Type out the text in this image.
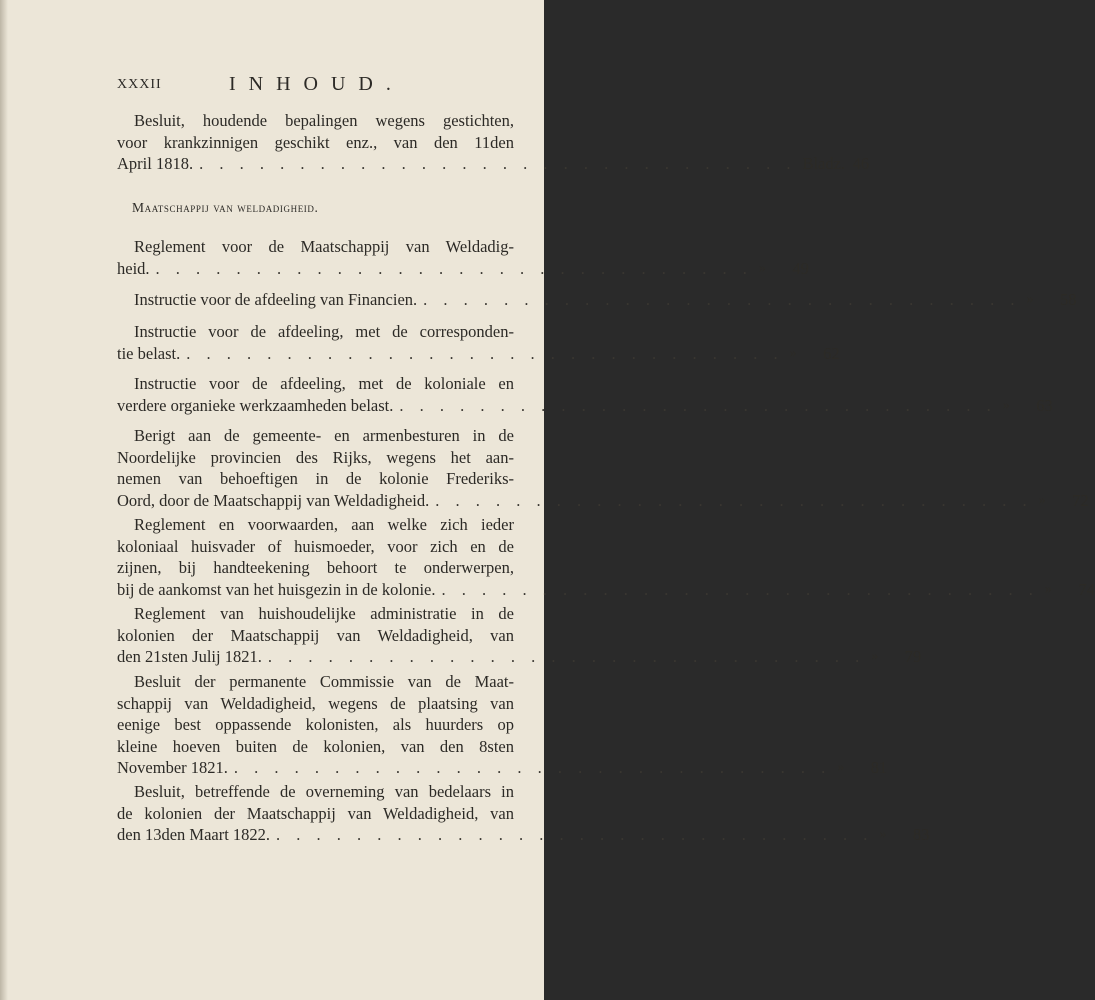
XXXII	INHOUD.
Besluit, houdende bepalingen wegens gestichten,
voor krankzinnigen geschikt enz., van den 11den
April 1818. . . . . . . . . . . . . . . . . . . . . . . . . . . . . . . Bladz. 46
Maatschappij van weldadigheid.
Reglement voor de Maatschappij van Weldadig-
heid. . . . . . . . . . . . . . . . . . . . . . . . . . . . . . . »	49
Instructie voor de afdeeling van Financien. . . . . . . . . . . . . . . . . . . . . . . . . . . . . . . »	58
Instructie voor de afdeeling, met de corresponden-
tie belast. . . . . . . . . . . . . . . . . . . . . . . . . . . . . . . »	62
Instructie voor de afdeeling, met de koloniale en
verdere organieke werkzaamheden belast. . . . . . . . . . . . . . . . . . . . . . . . . . . . . . . »	63
Berigt aan de gemeente- en armenbesturen in de
Noordelijke provincien des Rijks, wegens het aan-
nemen van behoeftigen in de kolonie Frederiks-
Oord, door de Maatschappij van Weldadigheid. . . . . . . . . . . . . . . . . . . . . . . . . . . . . . . »	72
Reglement en voorwaarden, aan welke zich ieder
koloniaal huisvader of huismoeder, voor zich en de
zijnen, bij handteekening behoort te onderwerpen,
bij de aankomst van het huisgezin in de kolonie. . . . . . . . . . . . . . . . . . . . . . . . . . . . . . . »	74
Reglement van huishoudelijke administratie in de
kolonien der Maatschappij van Weldadigheid, van
den 21sten Julij 1821. . . . . . . . . . . . . . . . . . . . . . . . . . . . . . . »	79
Besluit der permanente Commissie van de Maat-
schappij van Weldadigheid, wegens de plaatsing van
eenige best oppassende kolonisten, als huurders op
kleine hoeven buiten de kolonien, van den 8sten
November 1821. . . . . . . . . . . . . . . . . . . . . . . . . . . . . . . »	81
Besluit, betreffende de overneming van bedelaars in
de kolonien der Maatschappij van Weldadigheid, van
den 13den Maart 1822. . . . . . . . . . . . . . . . . . . . . . . . . . . . . . . »	83
